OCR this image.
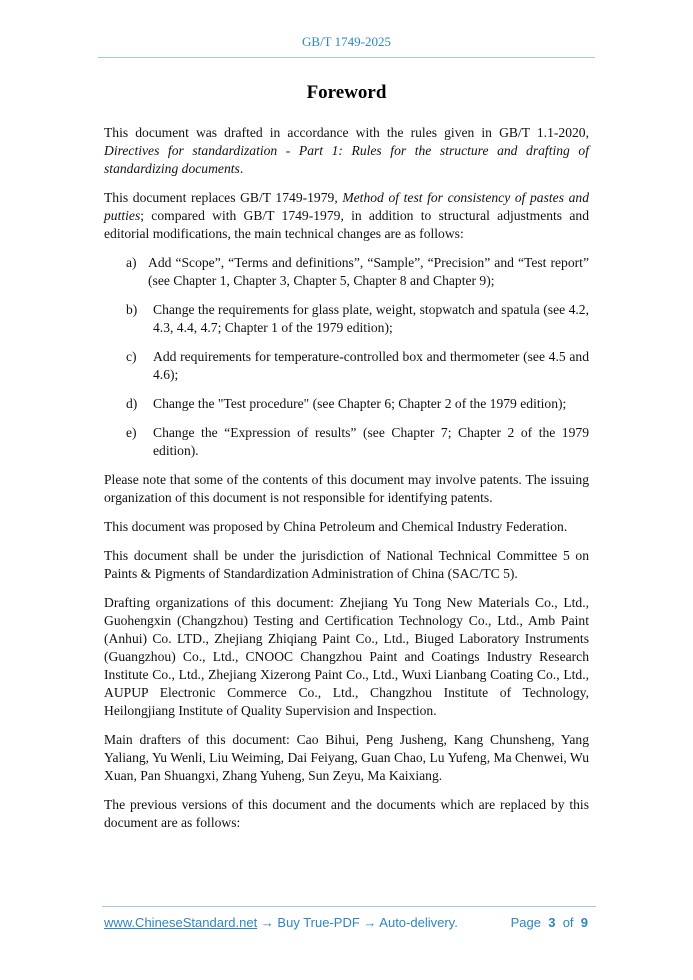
GB/T 1749-2025
Foreword

This document was drafted in accordance with the rules given in GB/T 1.1-2020, Directives for standardization - Part 1: Rules for the structure and drafting of standardizing documents.

This document replaces GB/T 1749-1979, Method of test for consistency of pastes and putties; compared with GB/T 1749-1979, in addition to structural adjustments and editorial modifications, the main technical changes are as follows:

a) Add “Scope”, “Terms and definitions”, “Sample”, “Precision” and “Test report” (see Chapter 1, Chapter 3, Chapter 5, Chapter 8 and Chapter 9);
b)	Change the requirements for glass plate, weight, stopwatch and spatula (see 4.2, 4.3, 4.4, 4.7; Chapter 1 of the 1979 edition);
c)	Add requirements for temperature-controlled box and thermometer (see 4.5 and 4.6);
d)	Change the "Test procedure" (see Chapter 6; Chapter 2 of the 1979 edition);
e)	Change the “Expression of results” (see Chapter 7; Chapter 2 of the 1979 edition).

Please note that some of the contents of this document may involve patents. The issuing organization of this document is not responsible for identifying patents.

This document was proposed by China Petroleum and Chemical Industry Federation.

This document shall be under the jurisdiction of National Technical Committee 5 on Paints & Pigments of Standardization Administration of China (SAC/TC 5).

Drafting organizations of this document: Zhejiang Yu Tong New Materials Co., Ltd., Guohengxin (Changzhou) Testing and Certification Technology Co., Ltd., Amb Paint (Anhui) Co. LTD., Zhejiang Zhiqiang Paint Co., Ltd., Biuged Laboratory Instruments (Guangzhou) Co., Ltd., CNOOC Changzhou Paint and Coatings Industry Research Institute Co., Ltd., Zhejiang Xizerong Paint Co., Ltd., Wuxi Lianbang Coating Co., Ltd., AUPUP Electronic Commerce Co., Ltd., Changzhou Institute of Technology, Heilongjiang Institute of Quality Supervision and Inspection.

Main drafters of this document: Cao Bihui, Peng Jusheng, Kang Chunsheng, Yang Yaliang, Yu Wenli, Liu Weiming, Dai Feiyang, Guan Chao, Lu Yufeng, Ma Chenwei, Wu Xuan, Pan Shuangxi, Zhang Yuheng, Sun Zeyu, Ma Kaixiang.

The previous versions of this document and the documents which are replaced by this document are as follows:

www.ChineseStandard.net → Buy True-PDF → Auto-delivery.	Page 3 of 9
